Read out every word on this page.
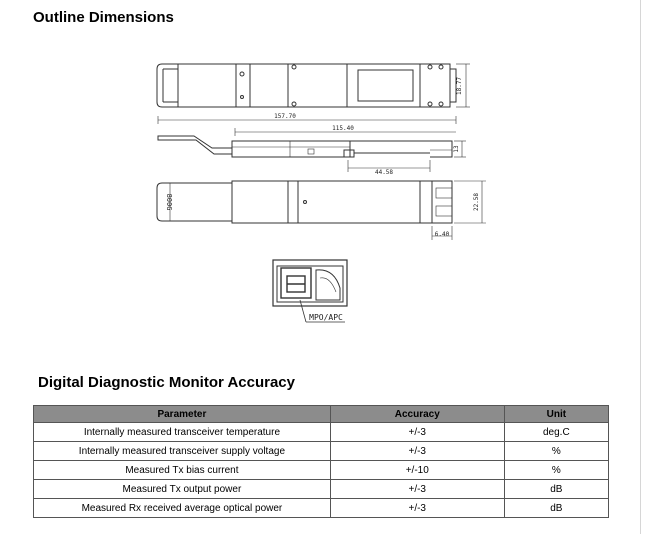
Outline Dimensions
18.77
157.70
115.40
13
44.58
22.58
6.40
800G
MPO/APC
Digital Diagnostic Monitor Accuracy
Parameter	Accuracy	Unit
Internally measured transceiver temperature	+/-3	deg.C
Internally measured transceiver supply voltage	+/-3	%
Measured Tx bias current	+/-10	%
Measured Tx output power	+/-3	dB
Measured Rx received average optical power	+/-3	dB
